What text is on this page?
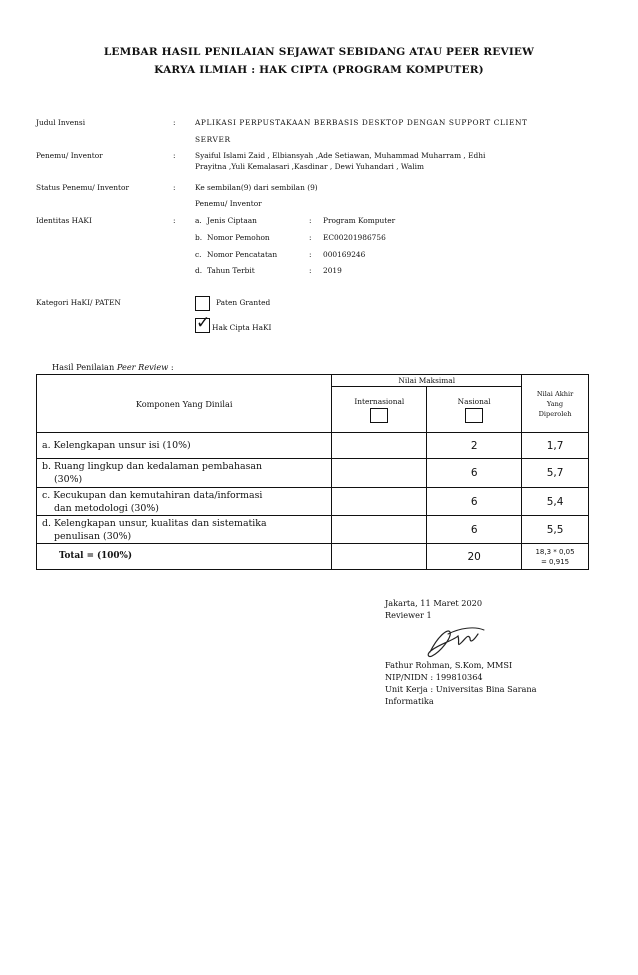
LEMBAR HASIL PENILAIAN SEJAWAT SEBIDANG ATAU PEER REVIEW
KARYA ILMIAH : HAK CIPTA (PROGRAM KOMPUTER)
Judul Invensi	:	APLIKASI PERPUSTAKAAN BERBASIS DESKTOP DENGAN SUPPORT CLIENT
SERVER
Penemu/ Inventor	:	Syaiful Islami Zaid , Elbiansyah ,Ade Setiawan, Muhammad Muharram , Edhi
Prayitna ,Yuli Kemalasari ,Kasdinar , Dewi Yuhandari , Walim
Status Penemu/ Inventor	:	Ke sembilan(9) dari sembilan (9)
Penemu/ Inventor
Identitas HAKI	:	a. Jenis Ciptaan	: Program Komputer
b. Nomor Pemohon	: EC00201986756
c. Nomor Pencatatan	: 000169246
d. Tahun Terbit	: 2019
Kategori HaKI/ PATEN	Paten Granted
✓ Hak Cipta HaKI
Hasil Penilaian Peer Review :
Komponen Yang Dinilai	Nilai Maksimal		Nilai Akhir
Yang
Diperoleh

	Internasional	Nasional	

a. Kelengkapan unsur isi (10%)		2	1,7

b. Ruang lingkup dan kedalaman pembahasan
(30%)		6	5,7

c. Kecukupan dan kemutahiran data/informasi
dan metodologi (30%)		6	5,4

d. Kelengkapan unsur, kualitas dan sistematika
penulisan (30%)		6	5,5
Total = (100%)		20	18,3 * 0,05
= 0,915
Jakarta, 11 Maret 2020
Reviewer 1
Fathur Rohman, S.Kom, MMSI
NIP/NIDN : 199810364
Unit Kerja : Universitas Bina Sarana
Informatika
